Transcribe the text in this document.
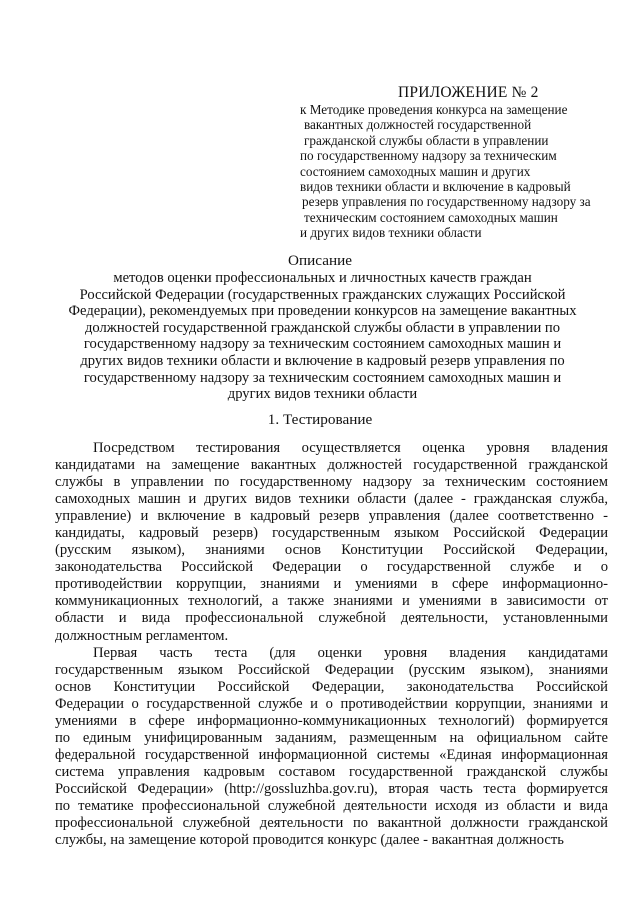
ПРИЛОЖЕНИЕ № 2
к Методике проведения конкурса на замещение
вакантных должностей государственной
гражданской службы области в управлении
по государственному надзору за техническим
состоянием самоходных машин и других
видов техники области и включение в кадровый
резерв управления по государственному надзору за
техническим состоянием самоходных машин
и других видов техники области
Описание
методов оценки профессиональных и личностных качеств граждан
Российской Федерации (государственных гражданских служащих Российской
Федерации), рекомендуемых при проведении конкурсов на замещение вакантных
должностей государственной гражданской службы области в управлении по
государственному надзору за техническим состоянием самоходных машин и
других видов техники области и включение в кадровый резерв управления по
государственному надзору за техническим состоянием самоходных машин и
других видов техники области
1. Тестирование
Посредством тестирования осуществляется оценка уровня владения
кандидатами на замещение вакантных должностей государственной гражданской
службы в управлении по государственному надзору за техническим состоянием
самоходных машин и других видов техники области (далее - гражданская служба,
управление) и включение в кадровый резерв управления (далее соответственно -
кандидаты, кадровый резерв) государственным языком Российской Федерации
(русским языком), знаниями основ Конституции Российской Федерации,
законодательства Российской Федерации о государственной службе и о
противодействии коррупции, знаниями и умениями в сфере информационно-
коммуникационных технологий, а также знаниями и умениями в зависимости от
области и вида профессиональной служебной деятельности, установленными
должностным регламентом.
Первая часть теста (для оценки уровня владения кандидатами
государственным языком Российской Федерации (русским языком), знаниями
основ Конституции Российской Федерации, законодательства Российской
Федерации о государственной службе и о противодействии коррупции, знаниями и
умениями в сфере информационно-коммуникационных технологий) формируется
по единым унифицированным заданиям, размещенным на официальном сайте
федеральной государственной информационной системы «Единая информационная
система управления кадровым составом государственной гражданской службы
Российской Федерации» (http://gossluzhba.gov.ru), вторая часть теста формируется
по тематике профессиональной служебной деятельности исходя из области и вида
профессиональной служебной деятельности по вакантной должности гражданской
службы, на замещение которой проводится конкурс (далее - вакантная должность
